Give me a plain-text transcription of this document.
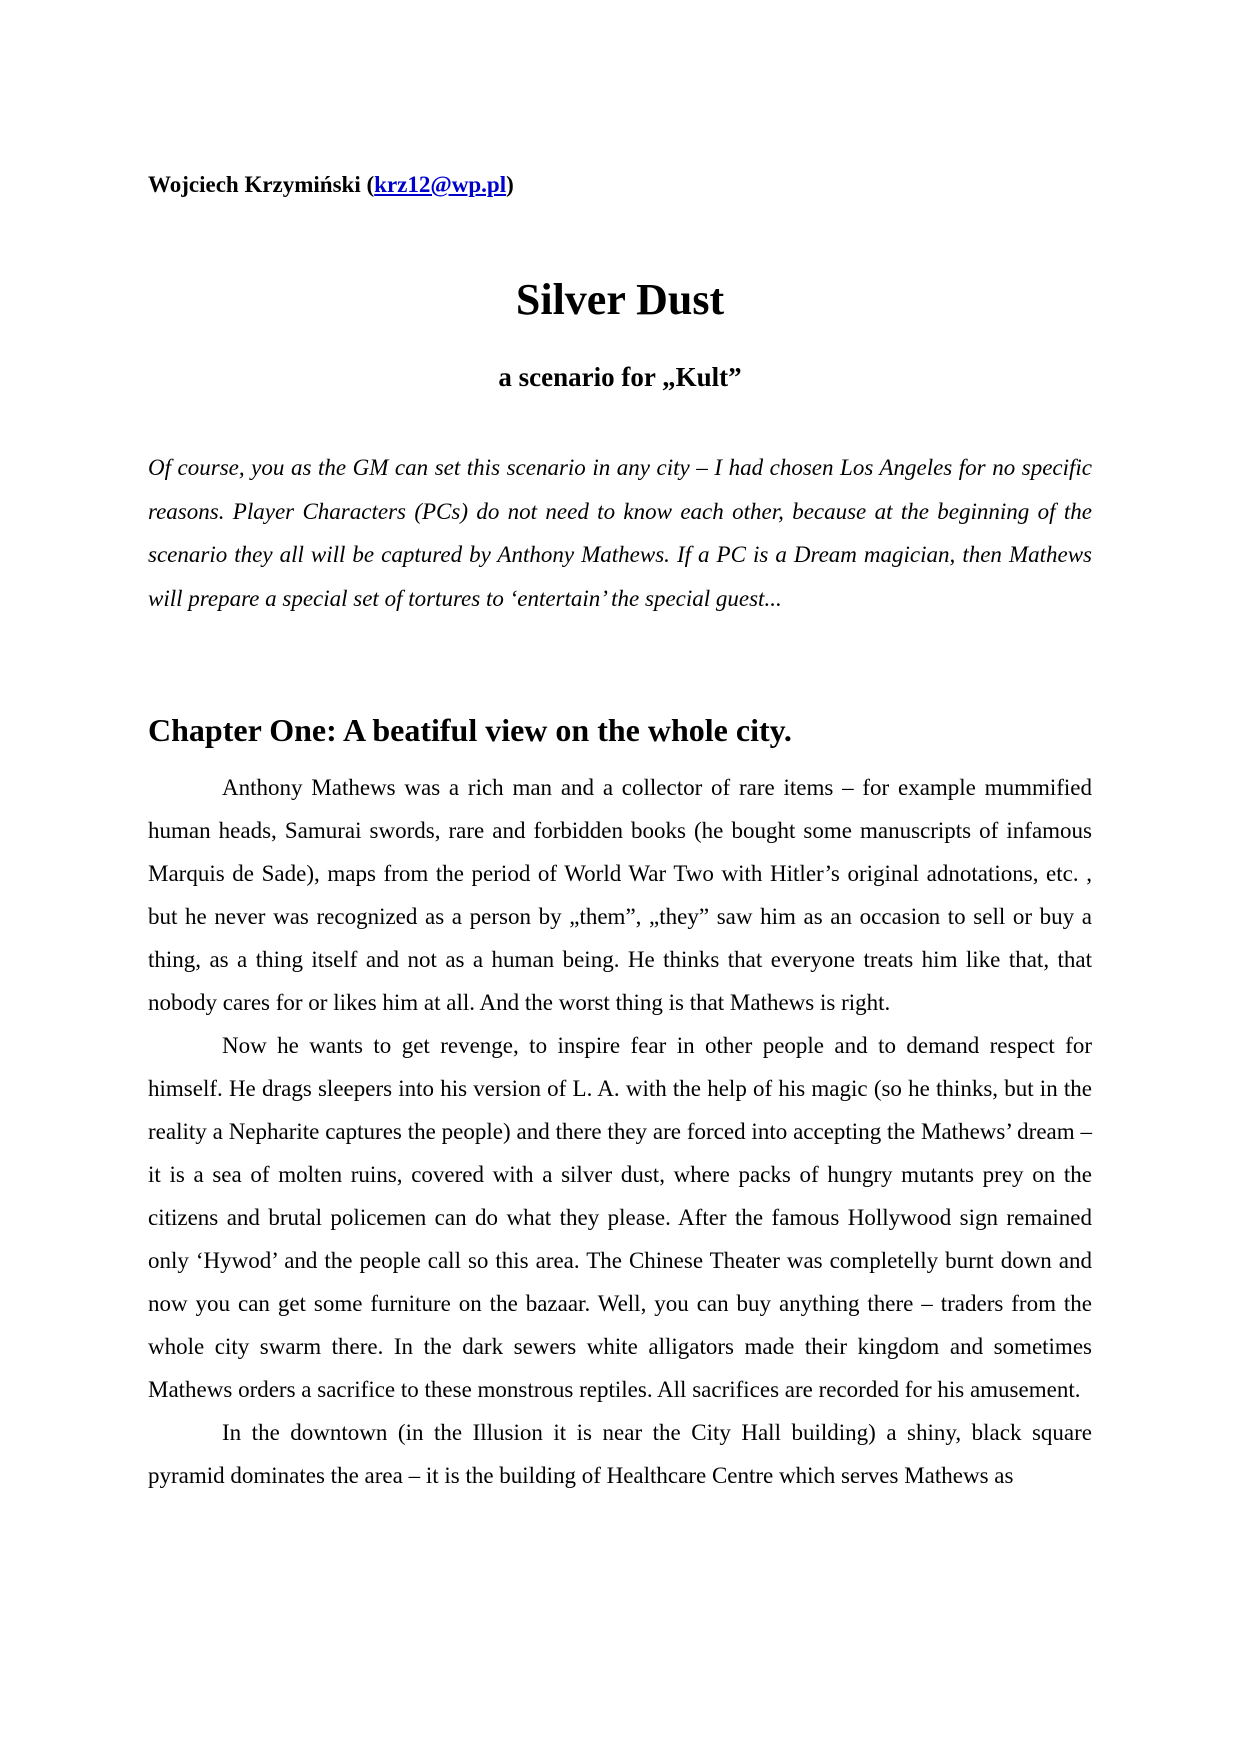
Wojciech Krzymiński (krz12@wp.pl)
Silver Dust
a scenario for „Kult”

Of course, you as the GM can set this scenario in any city – I had chosen Los Angeles for no specific reasons. Player Characters (PCs) do not need to know each other, because at the beginning of the scenario they all will be captured by Anthony Mathews. If a PC is a Dream magician, then Mathews will prepare a special set of tortures to ‘entertain’ the special guest...

Chapter One: A beatiful view on the whole city.

Anthony Mathews was a rich man and a collector of rare items – for example mummified human heads, Samurai swords, rare and forbidden books (he bought some manuscripts of infamous Marquis de Sade), maps from the period of World War Two with Hitler’s original adnotations, etc. , but he never was recognized as a person by „them”, „they” saw him as an occasion to sell or buy a thing, as a thing itself and not as a human being. He thinks that everyone treats him like that, that nobody cares for or likes him at all. And the worst thing is that Mathews is right.

Now he wants to get revenge, to inspire fear in other people and to demand respect for himself. He drags sleepers into his version of L. A. with the help of his magic (so he thinks, but in the reality a Nepharite captures the people) and there they are forced into accepting the Mathews’ dream – it is a sea of molten ruins, covered with a silver dust, where packs of hungry mutants prey on the citizens and brutal policemen can do what they please. After the famous Hollywood sign remained only ‘Hywod’ and the people call so this area. The Chinese Theater was completelly burnt down and now you can get some furniture on the bazaar. Well, you can buy anything there – traders from the whole city swarm there. In the dark sewers white alligators made their kingdom and sometimes Mathews orders a sacrifice to these monstrous reptiles. All sacrifices are recorded for his amusement.

In the downtown (in the Illusion it is near the City Hall building) a shiny, black square pyramid dominates the area – it is the building of Healthcare Centre which serves Mathews as
